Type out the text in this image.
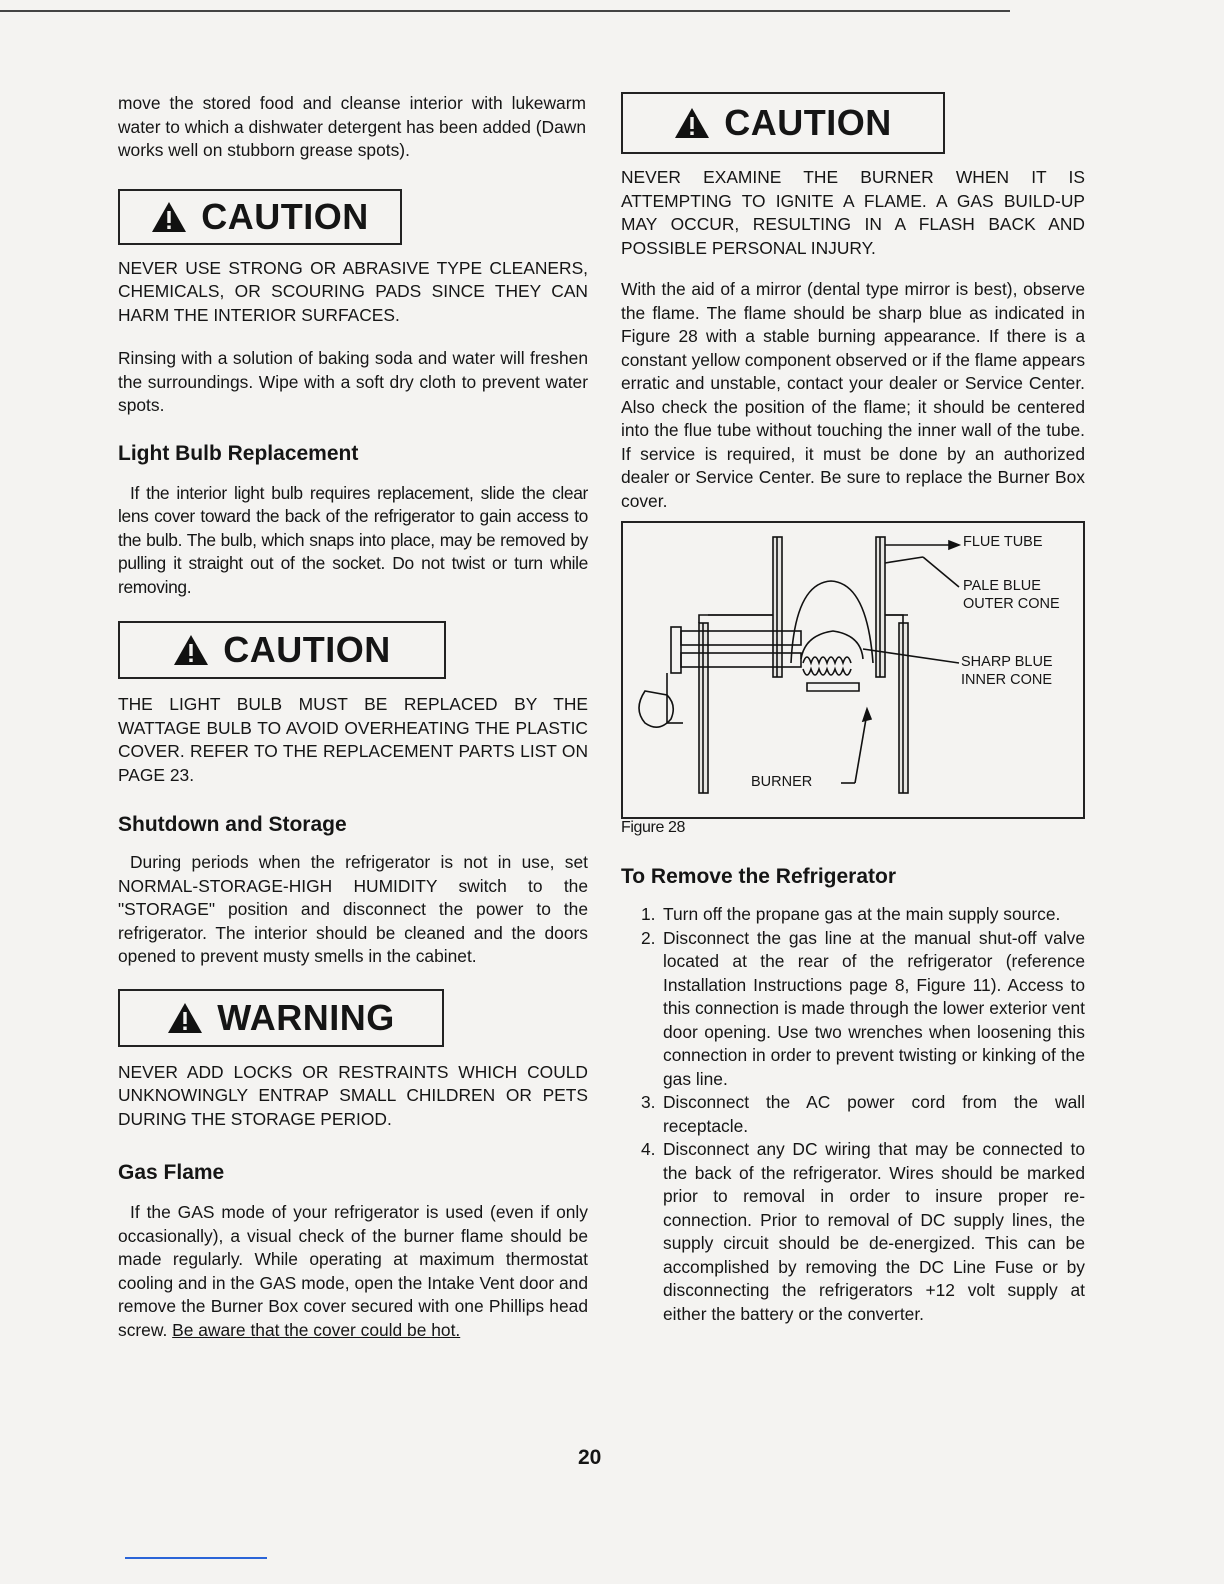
move the stored food and cleanse interior with lukewarm water to which a dishwater detergent has been added (Dawn works well on stubborn grease spots).

CAUTION

NEVER USE STRONG OR ABRASIVE TYPE CLEANERS, CHEMICALS, OR SCOURING PADS SINCE THEY CAN HARM THE INTERIOR SURFACES.

Rinsing with a solution of baking soda and water will freshen the surroundings. Wipe with a soft dry cloth to prevent water spots.

Light Bulb Replacement

If the interior light bulb requires replacement, slide the clear lens cover toward the back of the refrigerator to gain access to the bulb. The bulb, which snaps into place, may be removed by pulling it straight out of the socket. Do not twist or turn while removing.

CAUTION

THE LIGHT BULB MUST BE REPLACED BY THE WATTAGE BULB TO AVOID OVERHEATING THE PLASTIC COVER. REFER TO THE REPLACEMENT PARTS LIST ON PAGE 23.

Shutdown and Storage

During periods when the refrigerator is not in use, set NORMAL-STORAGE-HIGH HUMIDITY switch to the "STORAGE" position and disconnect the power to the refrigerator. The interior should be cleaned and the doors opened to prevent musty smells in the cabinet.

WARNING

NEVER ADD LOCKS OR RESTRAINTS WHICH COULD UNKNOWINGLY ENTRAP SMALL CHILDREN OR PETS DURING THE STORAGE PERIOD.

Gas Flame

If the GAS mode of your refrigerator is used (even if only occasionally), a visual check of the burner flame should be made regularly. While operating at maximum thermostat cooling and in the GAS mode, open the Intake Vent door and remove the Burner Box cover secured with one Phillips head screw. Be aware that the cover could be hot.

CAUTION

NEVER EXAMINE THE BURNER WHEN IT IS ATTEMPTING TO IGNITE A FLAME. A GAS BUILD-UP MAY OCCUR, RESULTING IN A FLASH BACK AND POSSIBLE PERSONAL INJURY.

With the aid of a mirror (dental type mirror is best), observe the flame. The flame should be sharp blue as indicated in Figure 28 with a stable burning appearance. If there is a constant yellow component observed or if the flame appears erratic and unstable, contact your dealer or Service Center. Also check the position of the flame; it should be centered into the flue tube without touching the inner wall of the tube. If service is required, it must be done by an authorized dealer or Service Center. Be sure to replace the Burner Box cover.

FLUE TUBE
PALE BLUE
OUTER CONE
SHARP BLUE
INNER CONE
BURNER
Figure 28
To Remove the Refrigerator
1. Turn off the propane gas at the main supply source.
2. Disconnect the gas line at the manual shut-off valve located at the rear of the refrigerator (reference Installation Instructions page 8, Figure 11). Access to this connection is made through the lower exterior vent door opening. Use two wrenches when loosening this connection in order to prevent twisting or kinking of the gas line.
3. Disconnect the AC power cord from the wall receptacle.
4. Disconnect any DC wiring that may be connected to the back of the refrigerator. Wires should be marked prior to removal in order to insure proper re-connection. Prior to removal of DC supply lines, the supply circuit should be de-energized. This can be accomplished by removing the DC Line Fuse or by disconnecting the refrigerators +12 volt supply at either the battery or the converter.
20
